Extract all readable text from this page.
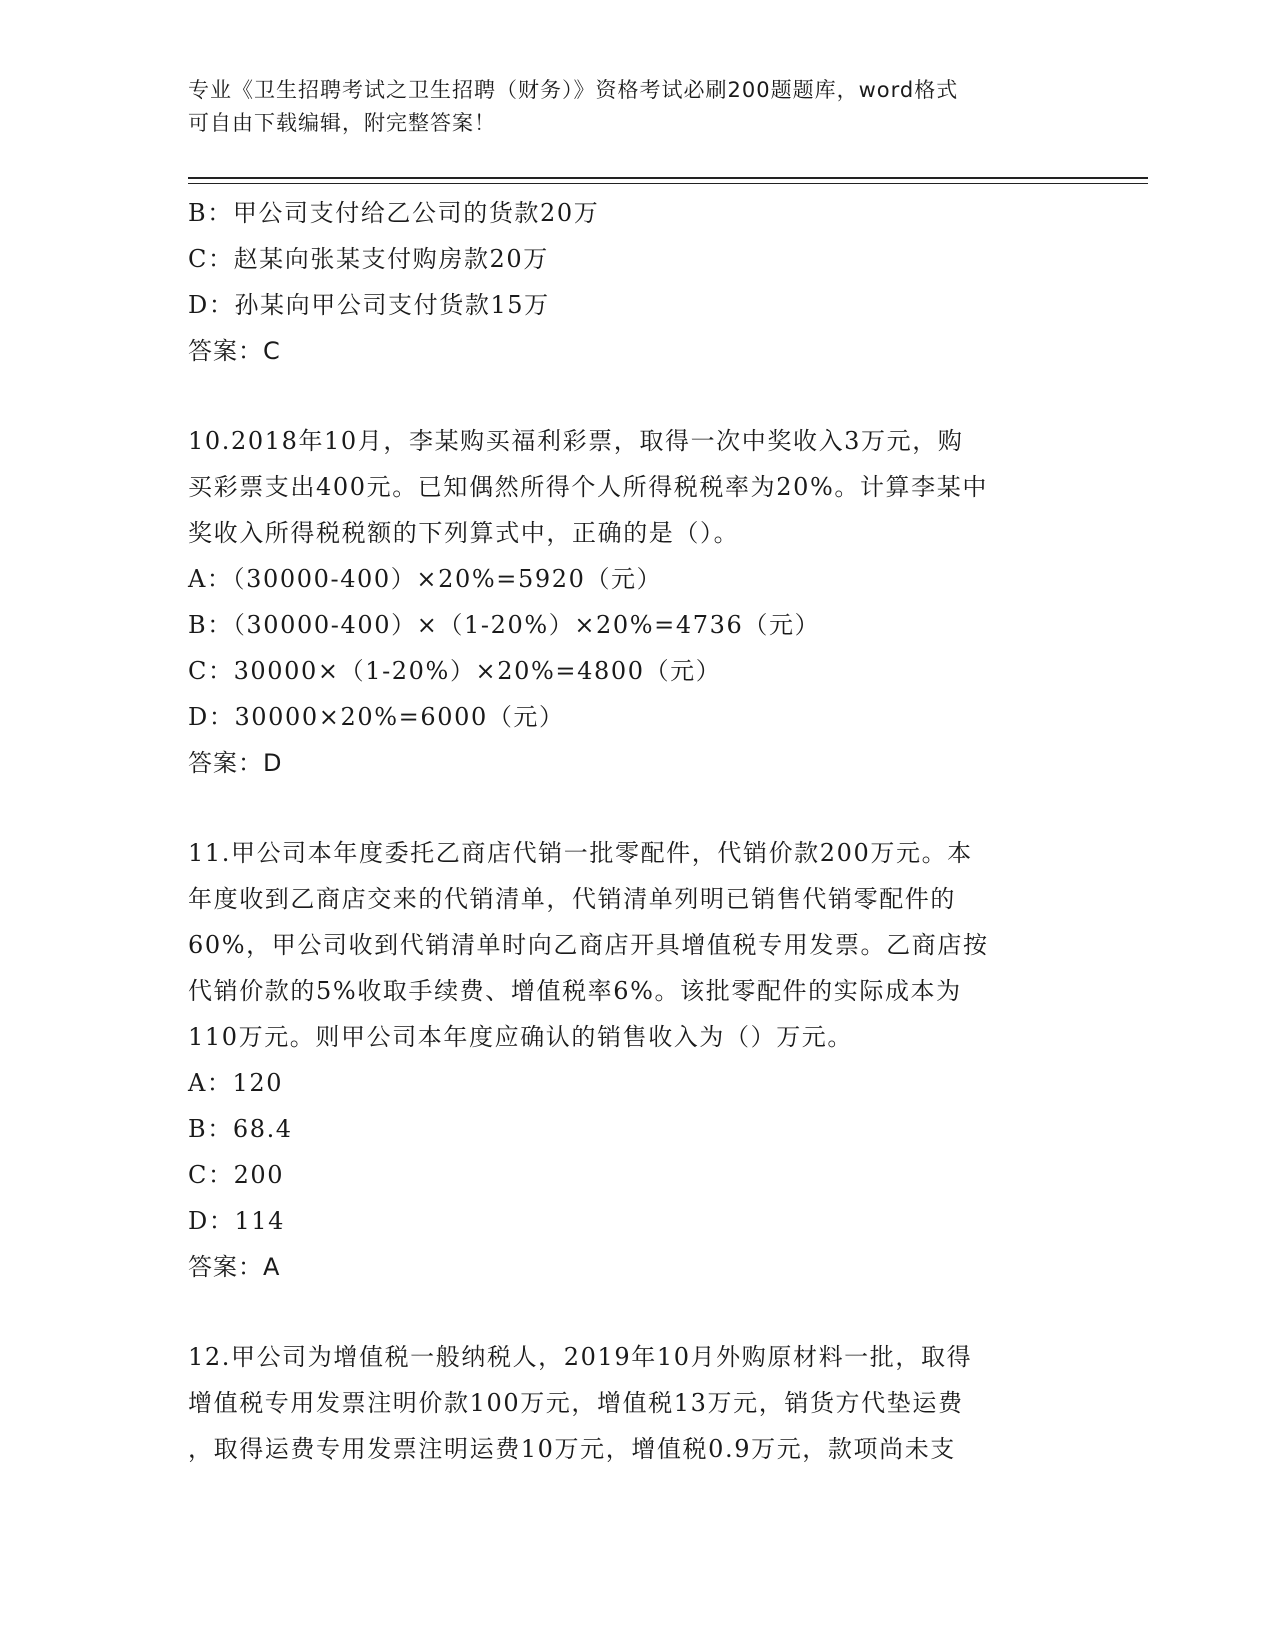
专业《卫生招聘考试之卫生招聘（财务）》资格考试必刷200题题库，word格式
可自由下载编辑，附完整答案！
B：甲公司支付给乙公司的货款20万
C：赵某向张某支付购房款20万
D：孙某向甲公司支付货款15万
答案：C
10.2018年10月，李某购买福利彩票，取得一次中奖收入3万元，购
买彩票支出400元。已知偶然所得个人所得税税率为20%。计算李某中
奖收入所得税税额的下列算式中，正确的是（）。
A：（30000-400）×20%=5920（元）
B：（30000-400）×（1-20%）×20%=4736（元）
C：30000×（1-20%）×20%=4800（元）
D：30000×20%=6000（元）
答案：D
11.甲公司本年度委托乙商店代销一批零配件，代销价款200万元。本
年度收到乙商店交来的代销清单，代销清单列明已销售代销零配件的
60%，甲公司收到代销清单时向乙商店开具增值税专用发票。乙商店按
代销价款的5%收取手续费、增值税率6%。该批零配件的实际成本为
110万元。则甲公司本年度应确认的销售收入为（）万元。
A：120
B：68.4
C：200
D：114
答案：A
12.甲公司为增值税一般纳税人，2019年10月外购原材料一批，取得
增值税专用发票注明价款100万元，增值税13万元，销货方代垫运费
，取得运费专用发票注明运费10万元，增值税0.9万元，款项尚未支
